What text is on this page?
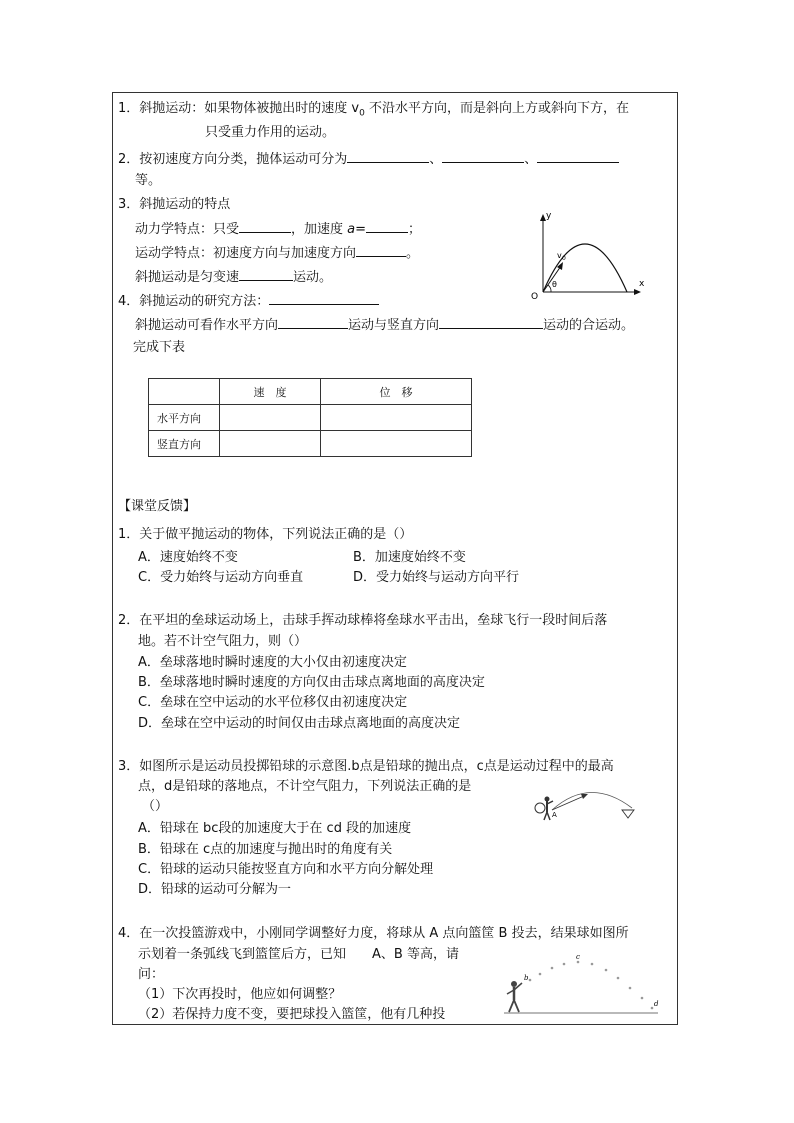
1．斜抛运动：如果物体被抛出时的速度 $v_0$ 不沿水平方向，而是斜向上方或斜向下方，在
只受重力作用的运动。
2．按初速度方向分类，抛体运动可分为	、	、
等。
3．斜抛运动的特点
动力学特点：只受	，加速度 a=	；
运动学特点：初速度方向与加速度方向	。
斜抛运动是匀变速	运动。
y
x
O
v 0
θ
4．斜抛运动的研究方法：
斜抛运动可看作水平方向	运动与竖直方向	运动的合运动。
完成下表
	速　度	位　移
水平方向		
竖直方向		
【课堂反馈】
1．关于做平抛运动的物体，下列说法正确的是（）
A．速度始终不变	B．加速度始终不变
C．受力始终与运动方向垂直	D．受力始终与运动方向平行
2．在平坦的垒球运动场上，击球手挥动球棒将垒球水平击出，垒球飞行一段时间后落
地。若不计空气阻力，则（）
A．垒球落地时瞬时速度的大小仅由初速度决定
B．垒球落地时瞬时速度的方向仅由击球点离地面的高度决定
C．垒球在空中运动的水平位移仅由初速度决定
D．垒球在空中运动的时间仅由击球点离地面的高度决定
3．如图所示是运动员投掷铅球的示意图.b点是铅球的抛出点，c点是运动过程中的最高
点，d是铅球的落地点，不计空气阻力，下列说法正确的是
（）
A．铅球在 bc段的加速度大于在 cd 段的加速度
B．铅球在 c点的加速度与抛出时的角度有关
C．铅球的运动只能按竖直方向和水平方向分解处理
D．铅球的运动可分解为一
A
4．在一次投篮游戏中，小刚同学调整好力度，将球从 A 点向篮筐 B 投去，结果球如图所
示划着一条弧线飞到篮筐后方，已知　　A、B 等高，请
问：
（1）下次再投时，他应如何调整？
（2）若保持力度不变，要把球投入篮筐，他有几种投
b
c
d
